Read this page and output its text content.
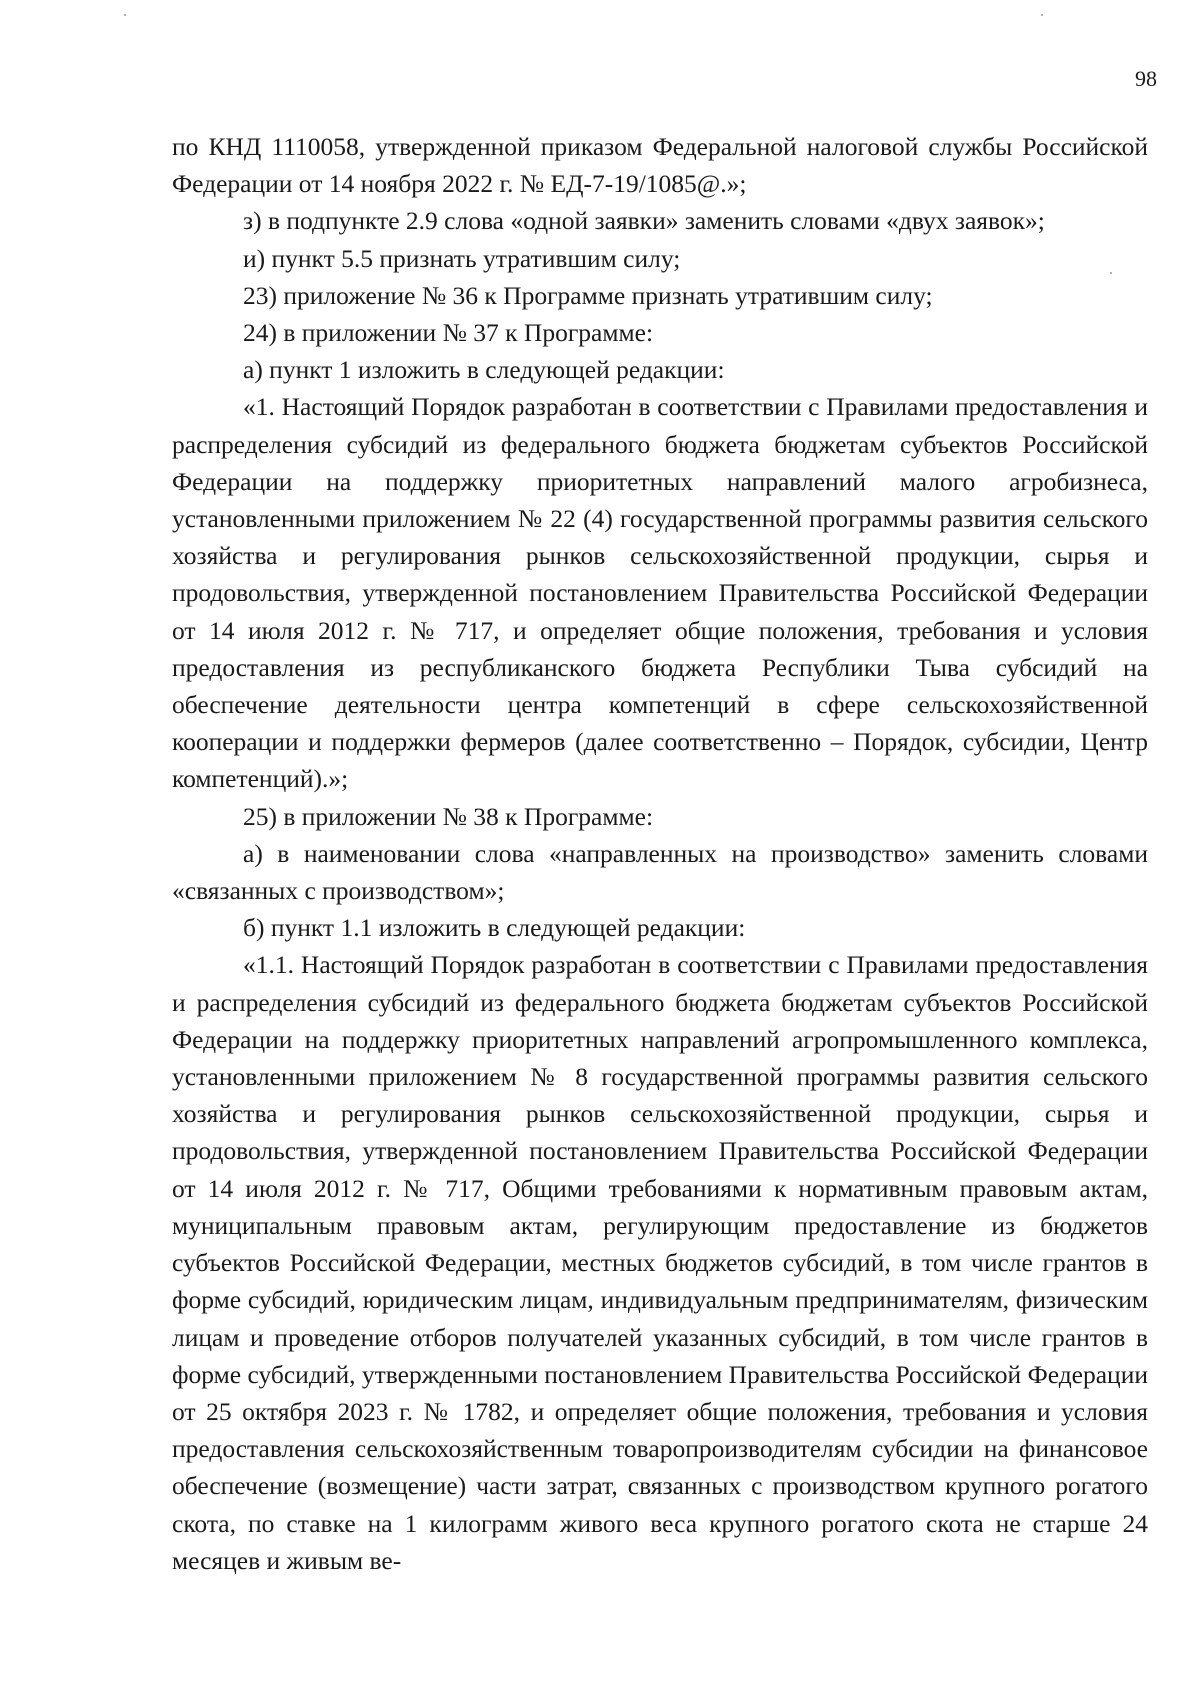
98

по КНД 1110058, утвержденной приказом Федеральной налоговой службы Российской Федерации от 14 ноября 2022 г. № ЕД-7-19/1085@.»;

з) в подпункте 2.9 слова «одной заявки» заменить словами «двух заявок»;

и) пункт 5.5 признать утратившим силу;

23) приложение № 36 к Программе признать утратившим силу;

24) в приложении № 37 к Программе:

а) пункт 1 изложить в следующей редакции:

«1. Настоящий Порядок разработан в соответствии с Правилами предоставления и распределения субсидий из федерального бюджета бюджетам субъектов Российской Федерации на поддержку приоритетных направлений малого агробизнеса, установленными приложением № 22 (4) государственной программы развития сельского хозяйства и регулирования рынков сельскохозяйственной продукции, сырья и продовольствия, утвержденной постановлением Правительства Российской Федерации от 14 июля 2012 г. № 717, и определяет общие положения, требования и условия предоставления из республиканского бюджета Республики Тыва субсидий на обеспечение деятельности центра компетенций в сфере сельскохозяйственной кооперации и поддержки фермеров (далее соответственно – Порядок, субсидии, Центр компетенций).»;

25) в приложении № 38 к Программе:

а) в наименовании слова «направленных на производство» заменить словами «связанных с производством»;

б) пункт 1.1 изложить в следующей редакции:

«1.1. Настоящий Порядок разработан в соответствии с Правилами предоставления и распределения субсидий из федерального бюджета бюджетам субъектов Российской Федерации на поддержку приоритетных направлений агропромышленного комплекса, установленными приложением № 8 государственной программы развития сельского хозяйства и регулирования рынков сельскохозяйственной продукции, сырья и продовольствия, утвержденной постановлением Правительства Российской Федерации от 14 июля 2012 г. № 717, Общими требованиями к нормативным правовым актам, муниципальным правовым актам, регулирующим предоставление из бюджетов субъектов Российской Федерации, местных бюджетов субсидий, в том числе грантов в форме субсидий, юридическим лицам, индивидуальным предпринимателям, физическим лицам и проведение отборов получателей указанных субсидий, в том числе грантов в форме субсидий, утвержденными постановлением Правительства Российской Федерации от 25 октября 2023 г. № 1782, и определяет общие положения, требования и условия предоставления сельскохозяйственным товаропроизводителям субсидии на финансовое обеспечение (возмещение) части затрат, связанных с производством крупного рогатого скота, по ставке на 1 килограмм живого веса крупного рогатого скота не старше 24 месяцев и живым ве-
